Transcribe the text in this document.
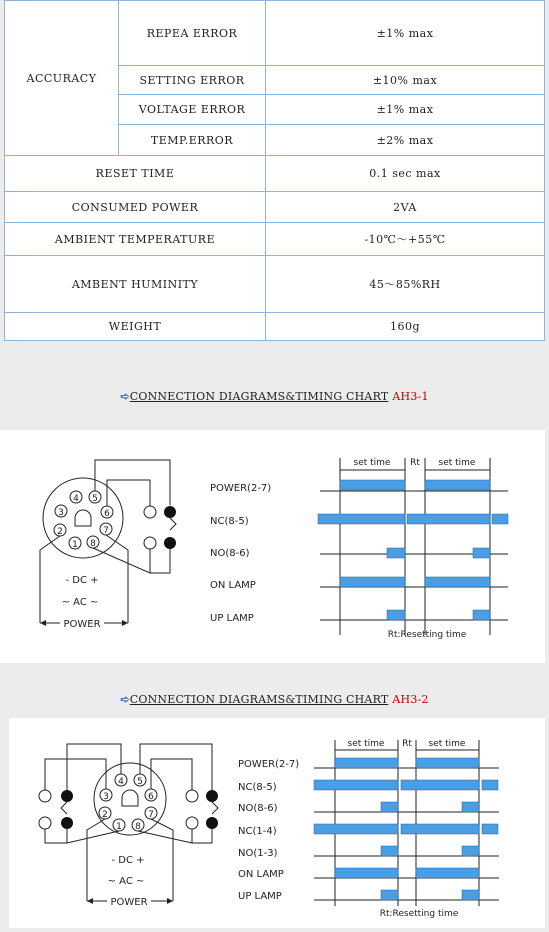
ACCURACY	REPEA ERROR	±1% max
	SETTING ERROR	±10% max
	VOLTAGE ERROR	±1% max
	TEMP.ERROR	±2% max
RESET TIME		0.1 sec max
CONSUMED POWER		2VA
AMBIENT TEMPERATURE		-10℃～+55℃
AMBENT HUMINITY		45～85%RH
WEIGHT		160g
➪CONNECTION DIAGRAMS&TIMING CHART AH3-1
4 5
3	6
2	7
1 8
- DC +
~ AC ~
POWER
POWER(2-7)
NC(8-5)
NO(8-6)
ON LAMP
UP LAMP
set time Rt set time
Rt:Resetting time
➪CONNECTION DIAGRAMS&TIMING CHART AH3-2
4 5
3	6
2	7
1 8
- DC +
~ AC ~
POWER
POWER(2-7)
NC(8-5)
NO(8-6)
NC(1-4)
NO(1-3)
ON LAMP
UP LAMP
set time Rt set time
Rt:Resetting time
